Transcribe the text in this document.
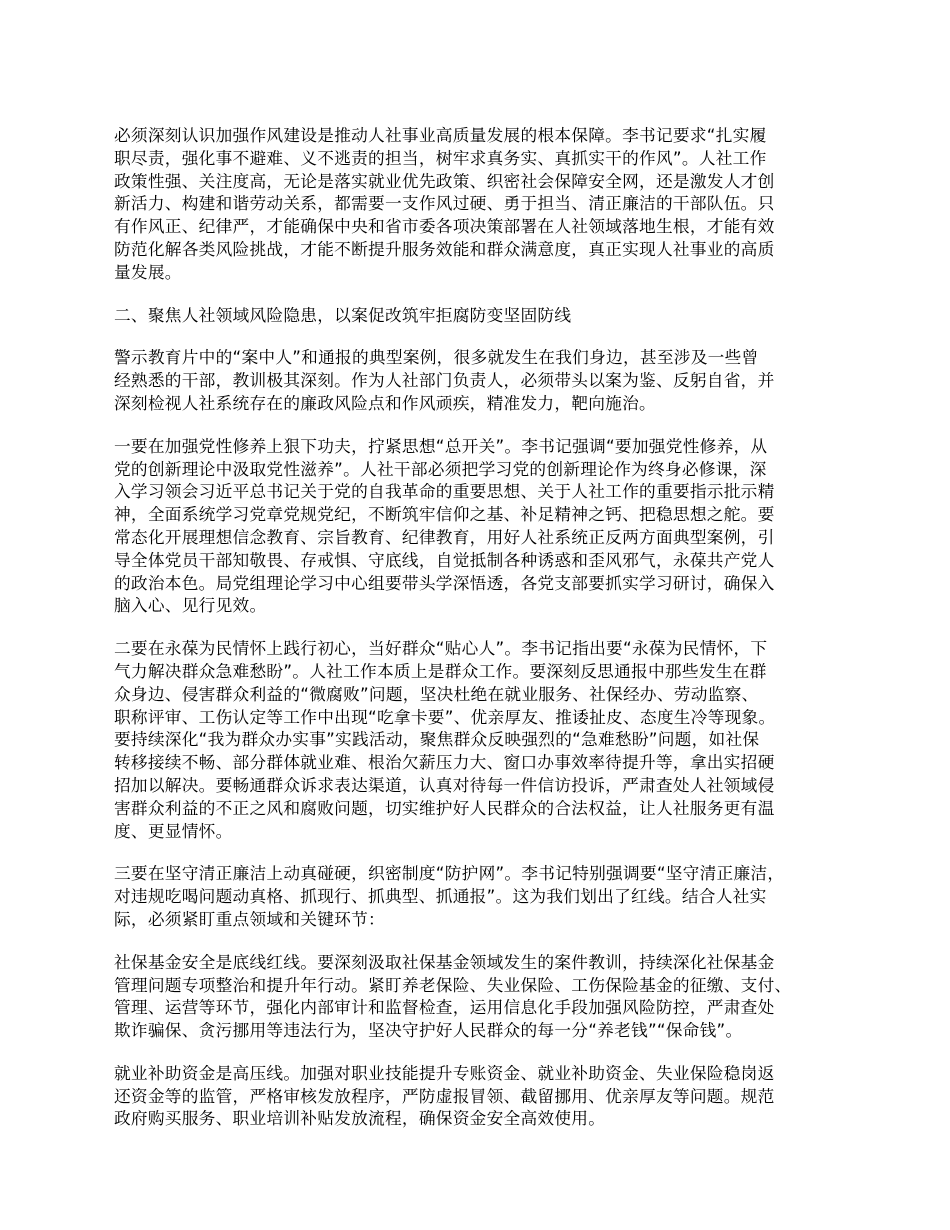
必须深刻认识加强作风建设是推动人社事业高质量发展的根本保障。李书记要求“扎实履
职尽责，强化事不避难、义不逃责的担当，树牢求真务实、真抓实干的作风”。人社工作
政策性强、关注度高，无论是落实就业优先政策、织密社会保障安全网，还是激发人才创
新活力、构建和谐劳动关系，都需要一支作风过硬、勇于担当、清正廉洁的干部队伍。只
有作风正、纪律严，才能确保中央和省市委各项决策部署在人社领域落地生根，才能有效
防范化解各类风险挑战，才能不断提升服务效能和群众满意度，真正实现人社事业的高质
量发展。

二、聚焦人社领域风险隐患，以案促改筑牢拒腐防变坚固防线

警示教育片中的“案中人”和通报的典型案例，很多就发生在我们身边，甚至涉及一些曾
经熟悉的干部，教训极其深刻。作为人社部门负责人，必须带头以案为鉴、反躬自省，并
深刻检视人社系统存在的廉政风险点和作风顽疾，精准发力，靶向施治。

一要在加强党性修养上狠下功夫，拧紧思想“总开关”。李书记强调“要加强党性修养，从
党的创新理论中汲取党性滋养”。人社干部必须把学习党的创新理论作为终身必修课，深
入学习领会习近平总书记关于党的自我革命的重要思想、关于人社工作的重要指示批示精
神，全面系统学习党章党规党纪，不断筑牢信仰之基、补足精神之钙、把稳思想之舵。要
常态化开展理想信念教育、宗旨教育、纪律教育，用好人社系统正反两方面典型案例，引
导全体党员干部知敬畏、存戒惧、守底线，自觉抵制各种诱惑和歪风邪气，永葆共产党人
的政治本色。局党组理论学习中心组要带头学深悟透，各党支部要抓实学习研讨，确保入
脑入心、见行见效。

二要在永葆为民情怀上践行初心，当好群众“贴心人”。李书记指出要“永葆为民情怀，下
气力解决群众急难愁盼”。人社工作本质上是群众工作。要深刻反思通报中那些发生在群
众身边、侵害群众利益的“微腐败”问题，坚决杜绝在就业服务、社保经办、劳动监察、
职称评审、工伤认定等工作中出现“吃拿卡要”、优亲厚友、推诿扯皮、态度生冷等现象。
要持续深化“我为群众办实事”实践活动，聚焦群众反映强烈的“急难愁盼”问题，如社保
转移接续不畅、部分群体就业难、根治欠薪压力大、窗口办事效率待提升等，拿出实招硬
招加以解决。要畅通群众诉求表达渠道，认真对待每一件信访投诉，严肃查处人社领域侵
害群众利益的不正之风和腐败问题，切实维护好人民群众的合法权益，让人社服务更有温
度、更显情怀。

三要在坚守清正廉洁上动真碰硬，织密制度“防护网”。李书记特别强调要“坚守清正廉洁，
对违规吃喝问题动真格、抓现行、抓典型、抓通报”。这为我们划出了红线。结合人社实
际，必须紧盯重点领域和关键环节：

社保基金安全是底线红线。要深刻汲取社保基金领域发生的案件教训，持续深化社保基金
管理问题专项整治和提升年行动。紧盯养老保险、失业保险、工伤保险基金的征缴、支付、
管理、运营等环节，强化内部审计和监督检查，运用信息化手段加强风险防控，严肃查处
欺诈骗保、贪污挪用等违法行为，坚决守护好人民群众的每一分“养老钱”“保命钱”。

就业补助资金是高压线。加强对职业技能提升专账资金、就业补助资金、失业保险稳岗返
还资金等的监管，严格审核发放程序，严防虚报冒领、截留挪用、优亲厚友等问题。规范
政府购买服务、职业培训补贴发放流程，确保资金安全高效使用。
